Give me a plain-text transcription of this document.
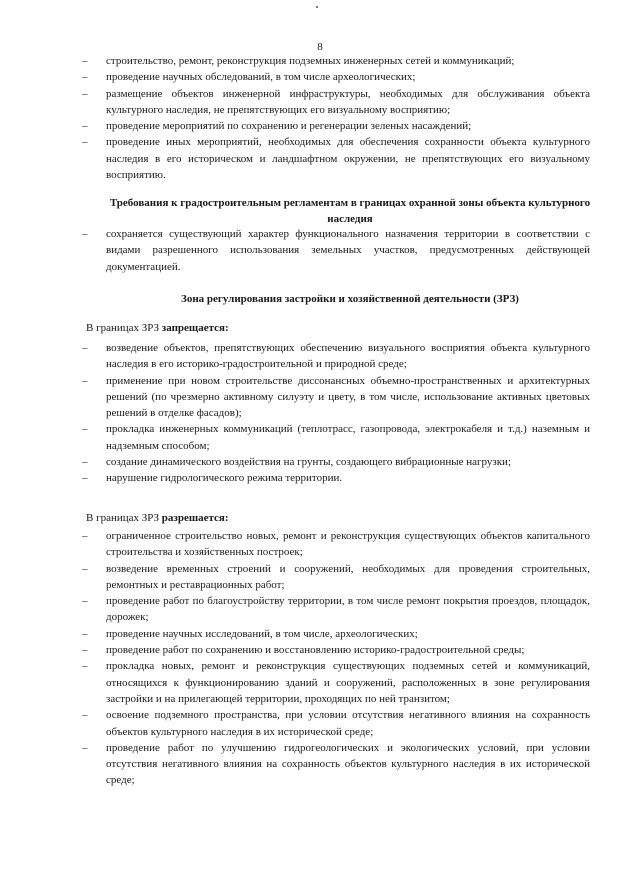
8
– строительство, ремонт, реконструкция подземных инженерных сетей и коммуникаций;
– проведение научных обследований, в том числе археологических;
– размещение объектов инженерной инфраструктуры, необходимых для обслуживания объекта культурного наследия, не препятствующих его визуальному восприятию;
– проведение мероприятий по сохранению и регенерации зеленых насаждений;
– проведение иных мероприятий, необходимых для обеспечения сохранности объекта культурного наследия в его историческом и ландшафтном окружении, не препятствующих его визуальному восприятию.
Требования к градостроительным регламентам в границах охранной зоны объекта культурного наследия
– сохраняется существующий характер функционального назначения территории в соответствии с видами разрешенного использования земельных участков, предусмотренных действующей документацией.
Зона регулирования застройки и хозяйственной деятельности (ЗРЗ)
В границах ЗРЗ запрещается:
– возведение объектов, препятствующих обеспечению визуального восприятия объекта культурного наследия в его историко-градостроительной и природной среде;
– применение при новом строительстве диссонансных объемно-пространственных и архитектурных решений (по чрезмерно активному силуэту и цвету, в том числе, использование активных цветовых решений в отделке фасадов);
– прокладка инженерных коммуникаций (теплотрасс, газопровода, электрокабеля и т.д.) наземным и надземным способом;
– создание динамического воздействия на грунты, создающего вибрационные нагрузки;
– нарушение гидрологического режима территории.
В границах ЗРЗ разрешается:
– ограниченное строительство новых, ремонт и реконструкция существующих объектов капитального строительства и хозяйственных построек;
– возведение временных строений и сооружений, необходимых для проведения строительных, ремонтных и реставрационных работ;
– проведение работ по благоустройству территории, в том числе ремонт покрытия проездов, площадок, дорожек;
– проведение научных исследований, в том числе, археологических;
– проведение работ по сохранению и восстановлению историко-градостроительной среды;
– прокладка новых, ремонт и реконструкция существующих подземных сетей и коммуникаций, относящихся к функционированию зданий и сооружений, расположенных в зоне регулирования застройки и на прилегающей территории, проходящих по ней транзитом;
– освоение подземного пространства, при условии отсутствия негативного влияния на сохранность объектов культурного наследия в их исторической среде;
– проведение работ по улучшению гидрогеологических и экологических условий, при условии отсутствия негативного влияния на сохранность объектов культурного наследия в их исторической среде;
